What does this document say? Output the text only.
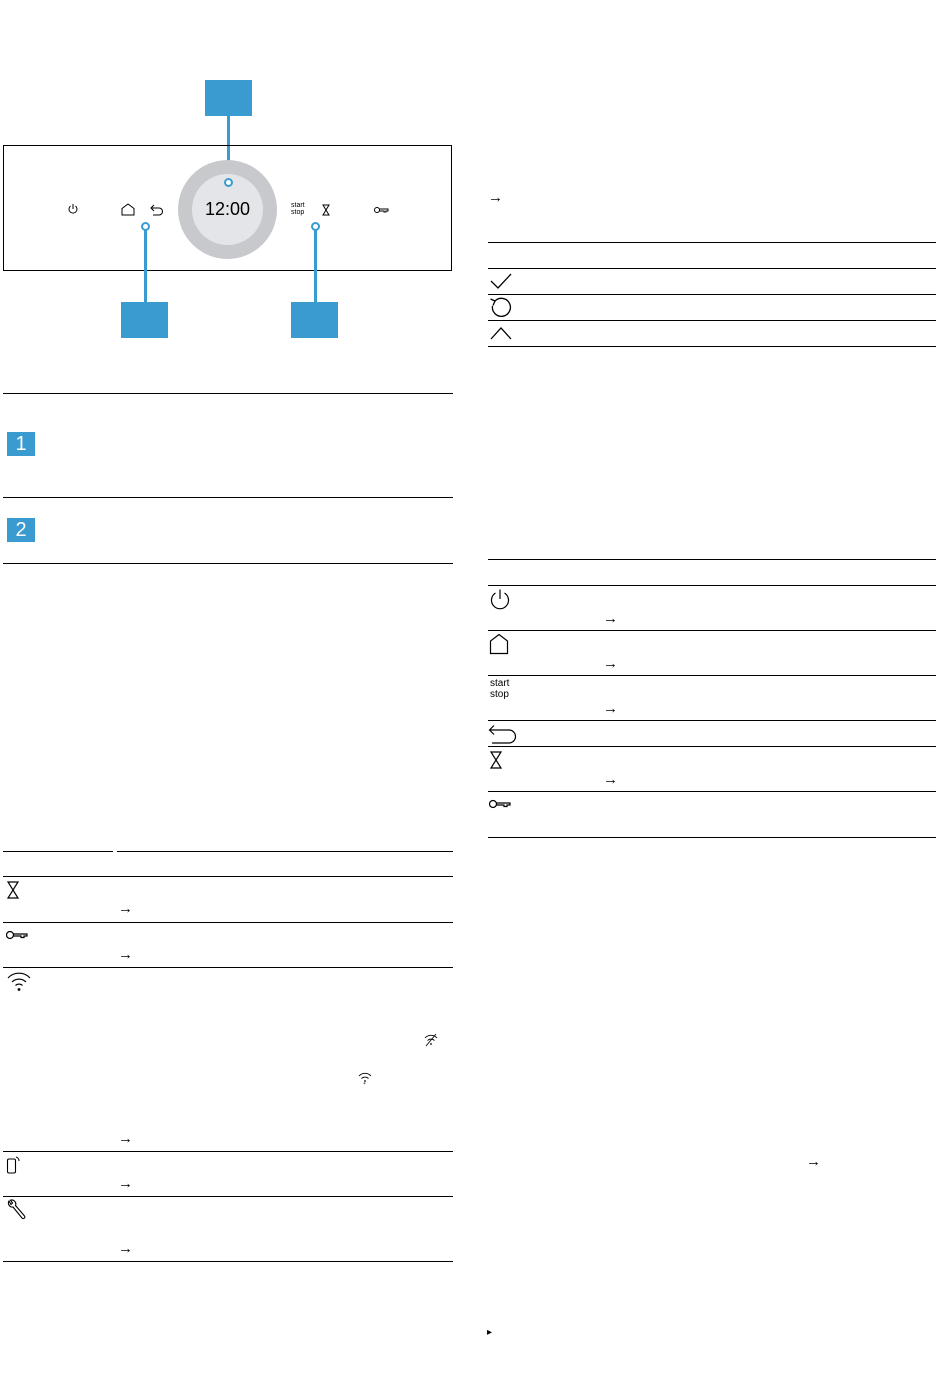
12:00	start
stop
1
2
→
→
*
→
→
→
→
→
→
start
stop
→
→
→
▸
